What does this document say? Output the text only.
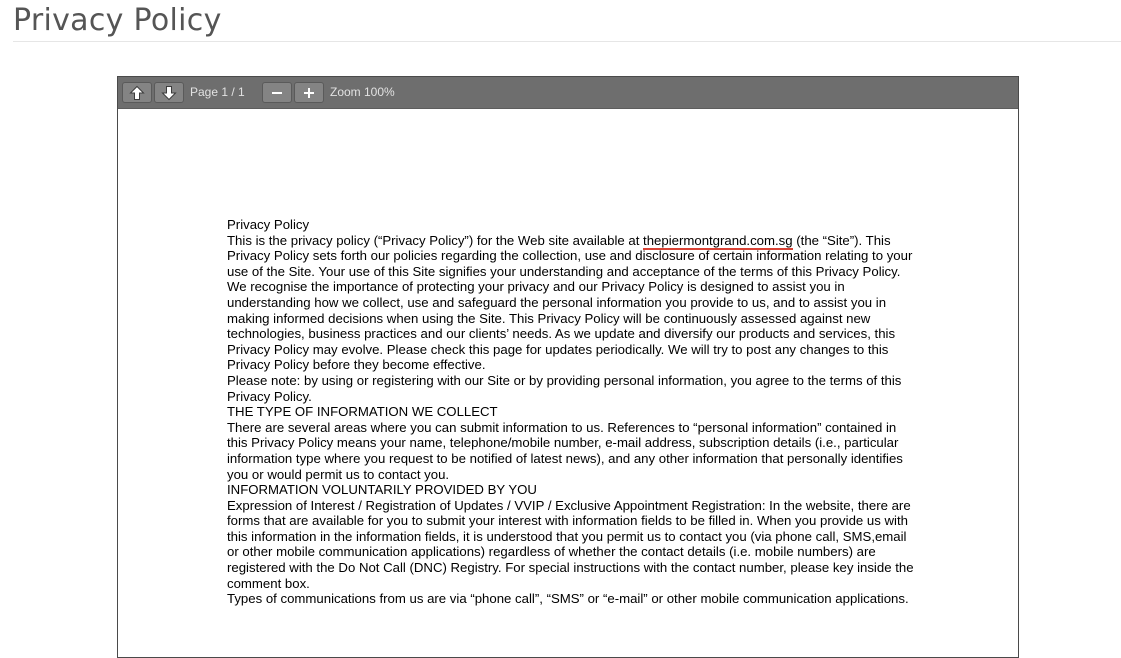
Privacy Policy
Page 1 / 1	Zoom 100%

Privacy Policy

This is the privacy policy (“Privacy Policy”) for the Web site available at thepiermontgrand.com.sg (the “Site”). This Privacy Policy sets forth our policies regarding the collection, use and disclosure of certain information relating to your use of the Site. Your use of this Site signifies your understanding and acceptance of the terms of this Privacy Policy.

We recognise the importance of protecting your privacy and our Privacy Policy is designed to assist you in understanding how we collect, use and safeguard the personal information you provide to us, and to assist you in making informed decisions when using the Site. This Privacy Policy will be continuously assessed against new technologies, business practices and our clients’ needs. As we update and diversify our products and services, this Privacy Policy may evolve. Please check this page for updates periodically. We will try to post any changes to this Privacy Policy before they become effective.

Please note: by using or registering with our Site or by providing personal information, you agree to the terms of this Privacy Policy.

THE TYPE OF INFORMATION WE COLLECT

There are several areas where you can submit information to us. References to “personal information” contained in this Privacy Policy means your name, telephone/mobile number, e-mail address, subscription details (i.e., particular information type where you request to be notified of latest news), and any other information that personally identifies you or would permit us to contact you.

INFORMATION VOLUNTARILY PROVIDED BY YOU

Expression of Interest / Registration of Updates / VVIP / Exclusive Appointment Registration: In the website, there are forms that are available for you to submit your interest with information fields to be filled in. When you provide us with this information in the information fields, it is understood that you permit us to contact you (via phone call, SMS,email or other mobile communication applications) regardless of whether the contact details (i.e. mobile numbers) are registered with the Do Not Call (DNC) Registry. For special instructions with the contact number, please key inside the comment box.

Types of communications from us are via “phone call”, “SMS” or “e-mail” or other mobile communication applications.
